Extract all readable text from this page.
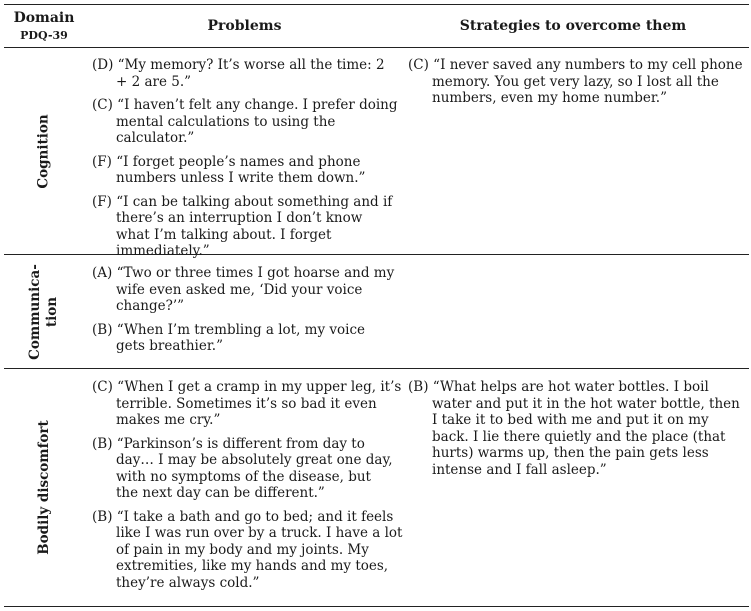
Domain
PDQ-39
Problems	Strategies to overcome them
Cognition

(D) “My memory? It’s worse all the time: 2 + 2 are 5.”

(C) “I haven’t felt any change. I prefer doing mental calculations to using the calculator.”

(F) “I forget people’s names and phone numbers unless I write them down.”

(F) “I can be talking about something and if there’s an interruption I don’t know what I’m talking about. I forget immediately.”

(C) “I never saved any numbers to my cell phone memory. You get very lazy, so I lost all the numbers, even my home number.”

Communica- tion

(A) “Two or three times I got hoarse and my wife even asked me, ‘Did your voice change?’”

(B) “When I’m trembling a lot, my voice gets breathier.”

Bodily discomfort

(C) “When I get a cramp in my upper leg, it’s terrible. Sometimes it’s so bad it even makes me cry.”

(B) “Parkinson’s is different from day to day… I may be absolutely great one day, with no symptoms of the disease, but the next day can be different.”

(B) “I take a bath and go to bed; and it feels like I was run over by a truck. I have a lot of pain in my body and my joints. My extremities, like my hands and my toes, they’re always cold.”

(B) “What helps are hot water bottles. I boil water and put it in the hot water bottle, then I take it to bed with me and put it on my back. I lie there quietly and the place (that hurts) warms up, then the pain gets less intense and I fall asleep.”
